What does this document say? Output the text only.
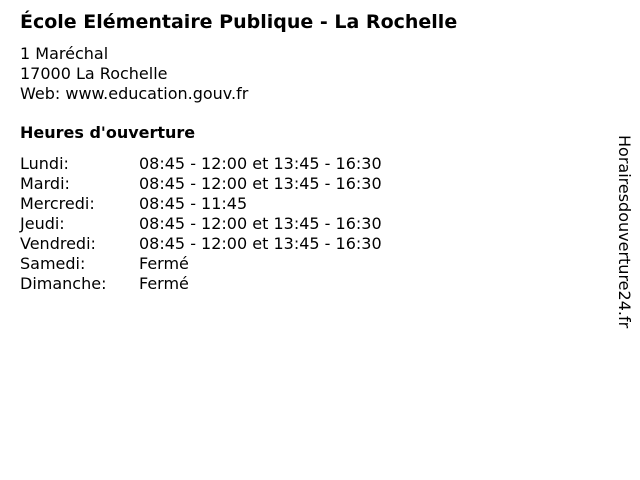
École Elémentaire Publique - La Rochelle
1 Maréchal
17000 La Rochelle
Web: www.education.gouv.fr
Heures d'ouverture
Lundi:	08:45 - 12:00 et 13:45 - 16:30
Mardi:	08:45 - 12:00 et 13:45 - 16:30
Mercredi:	08:45 - 11:45
Jeudi:	08:45 - 12:00 et 13:45 - 16:30
Vendredi:	08:45 - 12:00 et 13:45 - 16:30
Samedi:	Fermé
Dimanche: Fermé	Horairesdouverture24.fr
